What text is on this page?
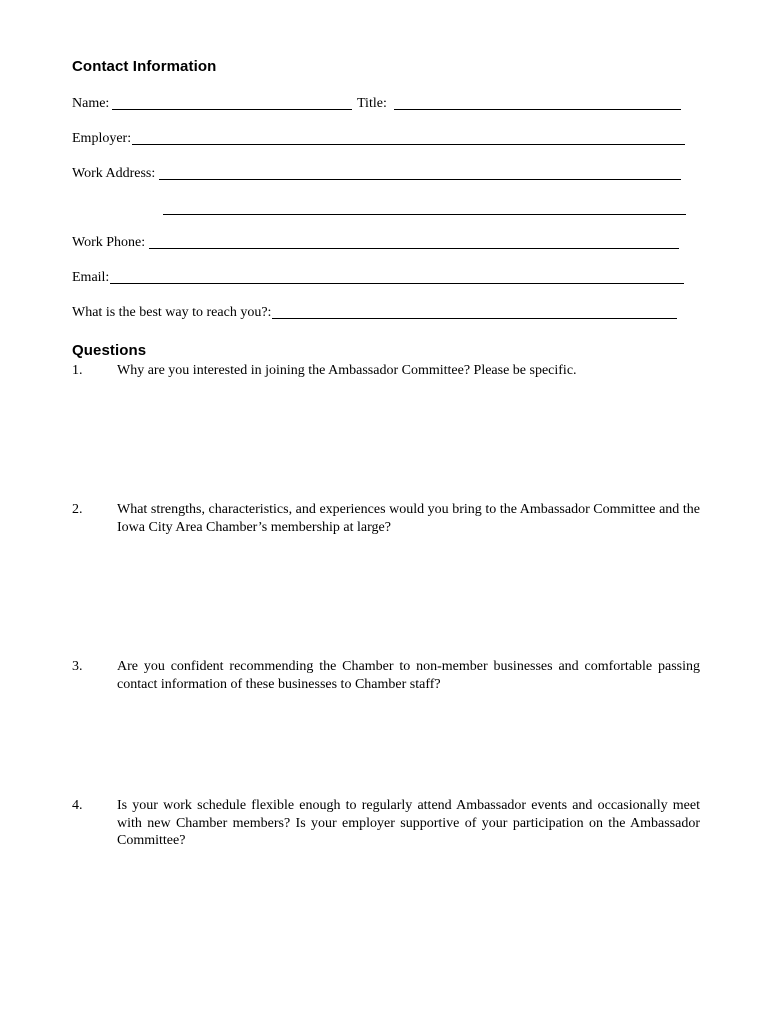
Contact Information
Name:	Title:
Employer:
Work Address:
Work Phone:
Email:
What is the best way to reach you?:
Questions
1. Why are you interested in joining the Ambassador Committee? Please be specific.
2. What strengths, characteristics, and experiences would you bring to the Ambassador Committee and the Iowa City Area Chamber’s membership at large?
3. Are you confident recommending the Chamber to non-member businesses and comfortable passing contact information of these businesses to Chamber staff?
4. Is your work schedule flexible enough to regularly attend Ambassador events and occasionally meet with new Chamber members? Is your employer supportive of your participation on the Ambassador Committee?
